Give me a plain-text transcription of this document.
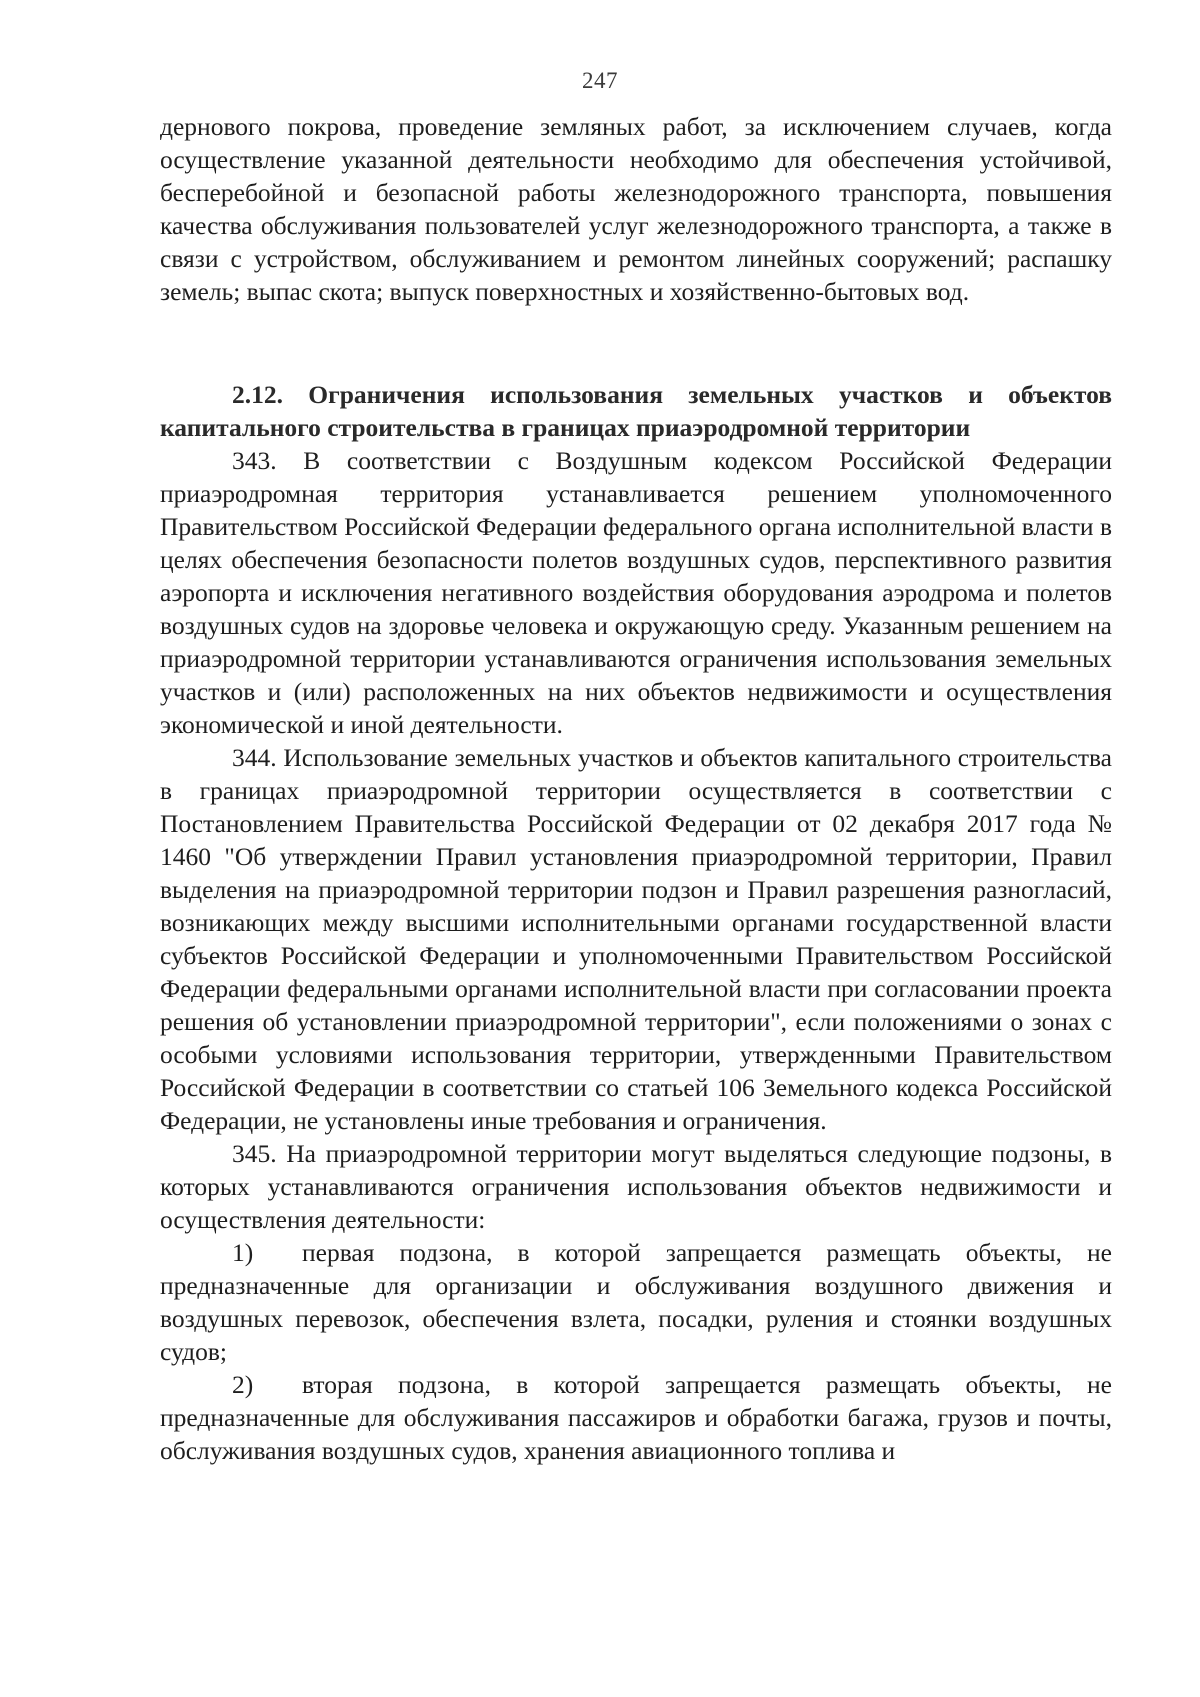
247

дернового покрова, проведение земляных работ, за исключением случаев, когда осуществление указанной деятельности необходимо для обеспечения устойчивой, бесперебойной и безопасной работы железнодорожного транспорта, повышения качества обслуживания пользователей услуг железнодорожного транспорта, а также в связи с устройством, обслуживанием и ремонтом линейных сооружений; распашку земель; выпас скота; выпуск поверхностных и хозяйственно-бытовых вод.

2.12. Ограничения использования земельных участков и объектов капитального строительства в границах приаэродромной территории

343. В соответствии с Воздушным кодексом Российской Федерации приаэродромная территория устанавливается решением уполномоченного Правительством Российской Федерации федерального органа исполнительной власти в целях обеспечения безопасности полетов воздушных судов, перспективного развития аэропорта и исключения негативного воздействия оборудования аэродрома и полетов воздушных судов на здоровье человека и окружающую среду. Указанным решением на приаэродромной территории устанавливаются ограничения использования земельных участков и (или) расположенных на них объектов недвижимости и осуществления экономической и иной деятельности.

344. Использование земельных участков и объектов капитального строительства в границах приаэродромной территории осуществляется в соответствии с Постановлением Правительства Российской Федерации от 02 декабря 2017 года № 1460 "Об утверждении Правил установления приаэродромной территории, Правил выделения на приаэродромной территории подзон и Правил разрешения разногласий, возникающих между высшими исполнительными органами государственной власти субъектов Российской Федерации и уполномоченными Правительством Российской Федерации федеральными органами исполнительной власти при согласовании проекта решения об установлении приаэродромной территории", если положениями о зонах с особыми условиями использования территории, утвержденными Правительством Российской Федерации в соответствии со статьей 106 Земельного кодекса Российской Федерации, не установлены иные требования и ограничения.

345. На приаэродромной территории могут выделяться следующие подзоны, в которых устанавливаются ограничения использования объектов недвижимости и осуществления деятельности:

1) первая подзона, в которой запрещается размещать объекты, не предназначенные для организации и обслуживания воздушного движения и воздушных перевозок, обеспечения взлета, посадки, руления и стоянки воздушных судов;

2) вторая подзона, в которой запрещается размещать объекты, не предназначенные для обслуживания пассажиров и обработки багажа, грузов и почты, обслуживания воздушных судов, хранения авиационного топлива и
